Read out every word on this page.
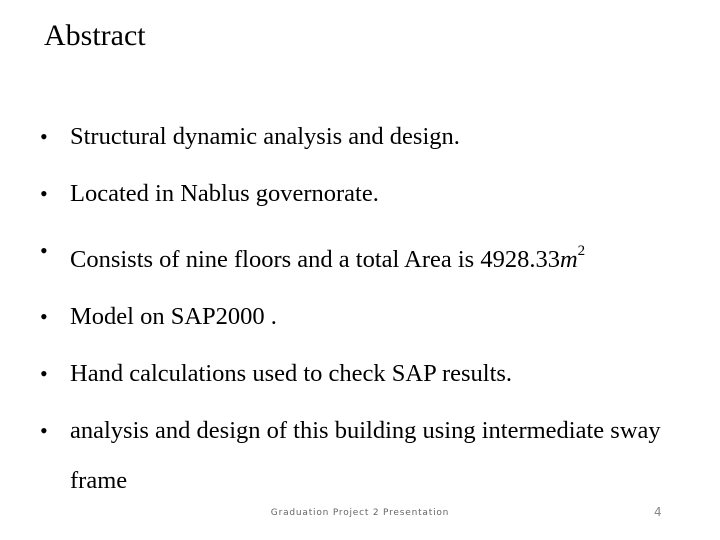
Abstract
• Structural dynamic analysis and design.
• Located in Nablus governorate.
• Consists of nine floors and a total Area is $4928.33m^2$
• Model on SAP2000 .
• Hand calculations used to check SAP results.
• analysis and design of this building using intermediate sway frame
Graduation Project 2 Presentation	4
